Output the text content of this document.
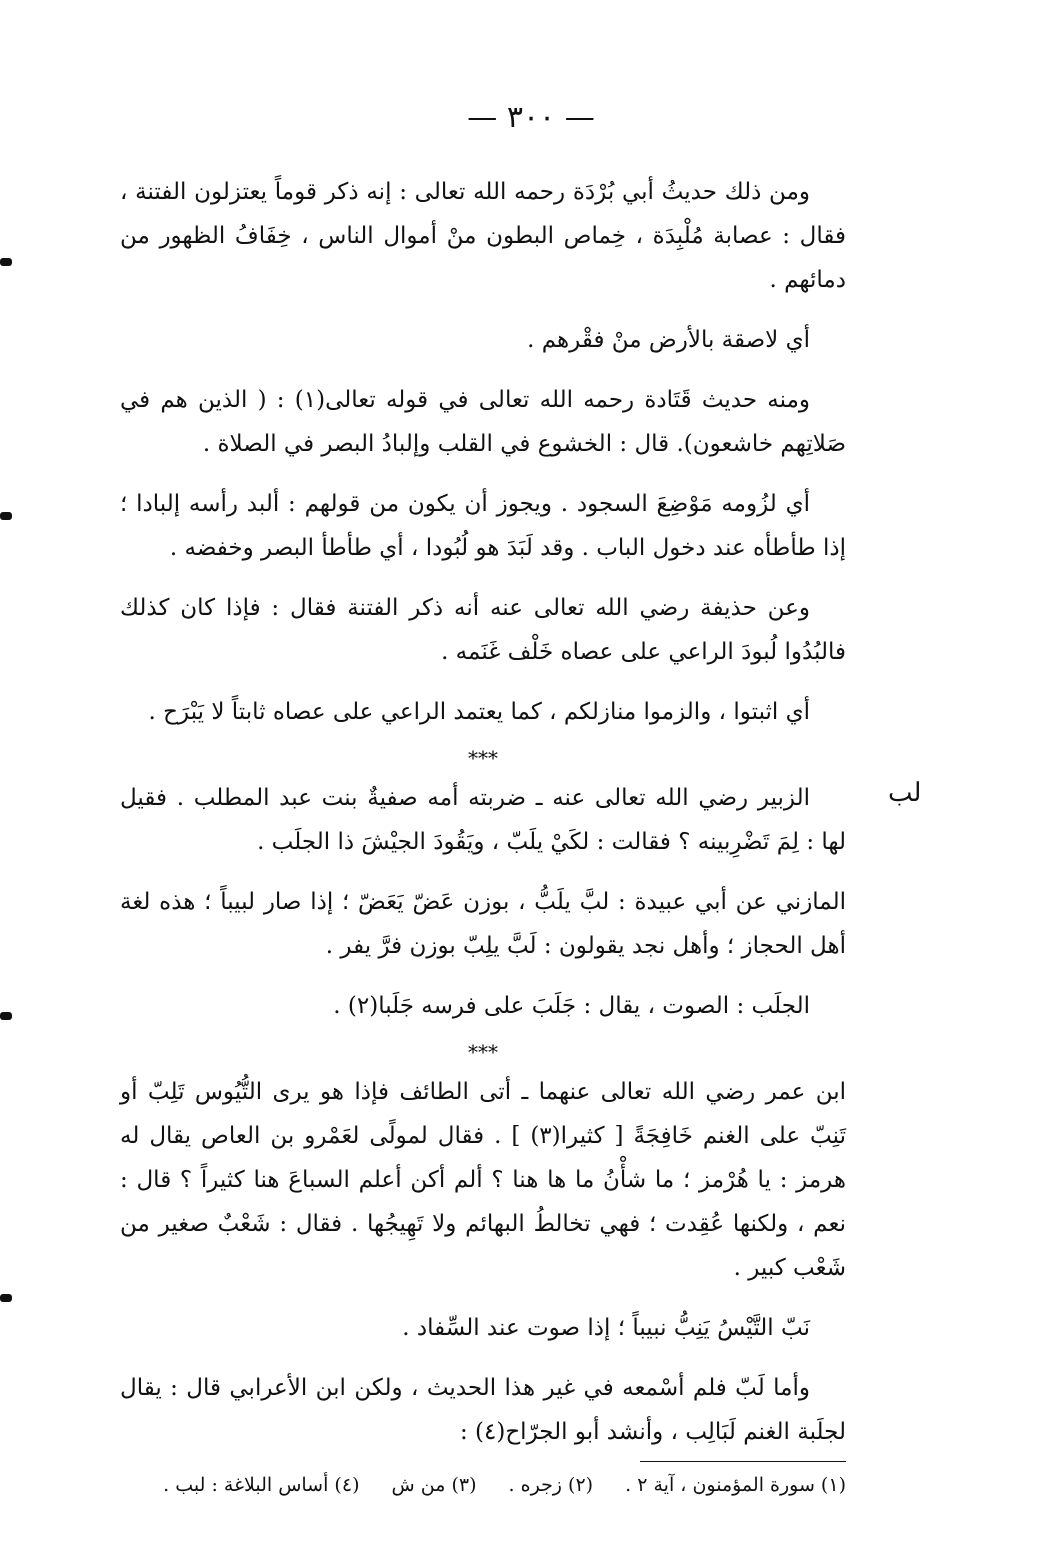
— ٣٠٠ —
لب

ومن ذلك حديثُ أبي بُرْدَة رحمه الله تعالى : إنه ذكر قوماً يعتزلون الفتنة ، فقال : عصابة مُلْبِدَة ، خِماص البطون منْ أموال الناس ، خِفَافُ الظهور من دمائهم .

أي لاصقة بالأرض منْ فقْرهم .

ومنه حديث قَتَادة رحمه الله تعالى في قوله تعالى(١) : ( الذين هم في صَلاتِهم خاشعون). قال : الخشوع في القلب وإلبادُ البصر في الصلاة .

أي لزُومه مَوْضِعَ السجود . ويجوز أن يكون من قولهم : ألبد رأسه إلبادا ؛ إذا طأطأه عند دخول الباب . وقد لَبَدَ هو لُبُودا ، أي طأطأ البصر وخفضه .

وعن حذيفة رضي الله تعالى عنه أنه ذكر الفتنة فقال : فإذا كان كذلك فالبُدُوا لُبودَ الراعي على عصاه خَلْف غَنَمه .

أي اثبتوا ، والزموا منازلكم ، كما يعتمد الراعي على عصاه ثابتاً لا يَبْرَح .

***

الزبير رضي الله تعالى عنه ـ ضربته أمه صفيةٌ بنت عبد المطلب . فقيل لها : لِمَ تَضْرِبينه ؟ فقالت : لكَيْ يلَبّ ، ويَقُودَ الجيْشَ ذا الجلَب .

المازني عن أبي عبيدة : لبَّ يلَبُّ ، بوزن عَضّ يَعَضّ ؛ إذا صار لبيباً ؛ هذه لغة أهل الحجاز ؛ وأهل نجد يقولون : لَبَّ يلِبّ بوزن فرَّ يفر .

الجلَب : الصوت ، يقال : جَلَبَ على فرسه جَلَبا(٢) .

***

ابن عمر رضي الله تعالى عنهما ـ أتى الطائف فإذا هو يرى التُّيُوس تَلِبّ أو تَنِبّ على الغنم خَافِجَةً [ كثيرا(٣) ] . فقال لمولًى لعَمْرو بن العاص يقال له هرمز : يا هُرْمز ؛ ما شأْنُ ما ها هنا ؟ ألم أكن أعلم السباعَ هنا كثيراً ؟ قال : نعم ، ولكنها عُقِدت ؛ فهي تخالطُ البهائم ولا تَهِيجُها . فقال : شَعْبٌ صغير من شَعْب كبير .

نَبّ التَّيْسُ يَنِبُّ نبيباً ؛ إذا صوت عند السِّفاد .

وأما لَبّ فلم أسْمعه في غير هذا الحديث ، ولكن ابن الأعرابي قال : يقال لجلَبة الغنم لَبَالِب ، وأنشد أبو الجرّاح(٤) :

(١) سورة المؤمنون ، آية ٢ . (٢) زجره . (٣) من ش (٤) أساس البلاغة : لبب .
